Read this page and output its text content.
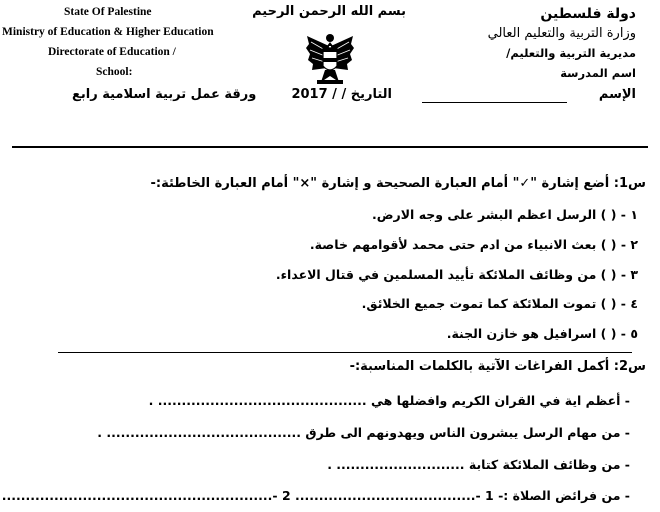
State Of Palestine
Ministry of Education & Higher Education
Directorate of Education /
School:
بسم الله الرحمن الرحيم	دولة فلسطين
وزارة التربية والتعليم العالي
مديرية التربية والتعليم/
اسم المدرسة
الإسم
التاريخ / / 2017
ورقة عمل تربية اسلامية رابع
س1: أضع إشارة "✓" أمام العبارة الصحيحة و إشارة "×" أمام العبارة الخاطئة:-
١ - ( ) الرسل اعظم البشر على وجه الارض.
٢ - ( ) بعث الانبياء من ادم حتى محمد لأقوامهم خاصة.
٣ - ( ) من وظائف الملائكة تأييد المسلمين في قتال الاعداء.
٤ - ( ) تموت الملائكة كما تموت جميع الخلائق.
٥ - ( ) اسرافيل هو خازن الجنة.
س2: أكمل الفراغات الآتية بالكلمات المناسبة:-
- أعظم اية في القران الكريم وافضلها هي ............................................ .
- من مهام الرسل يبشرون الناس ويهدونهم الى طرق ......................................... .
- من وظائف الملائكة كتابة ........................... .
- من فرائض الصلاة :- 1 -...................................... 2 -.........................................................
